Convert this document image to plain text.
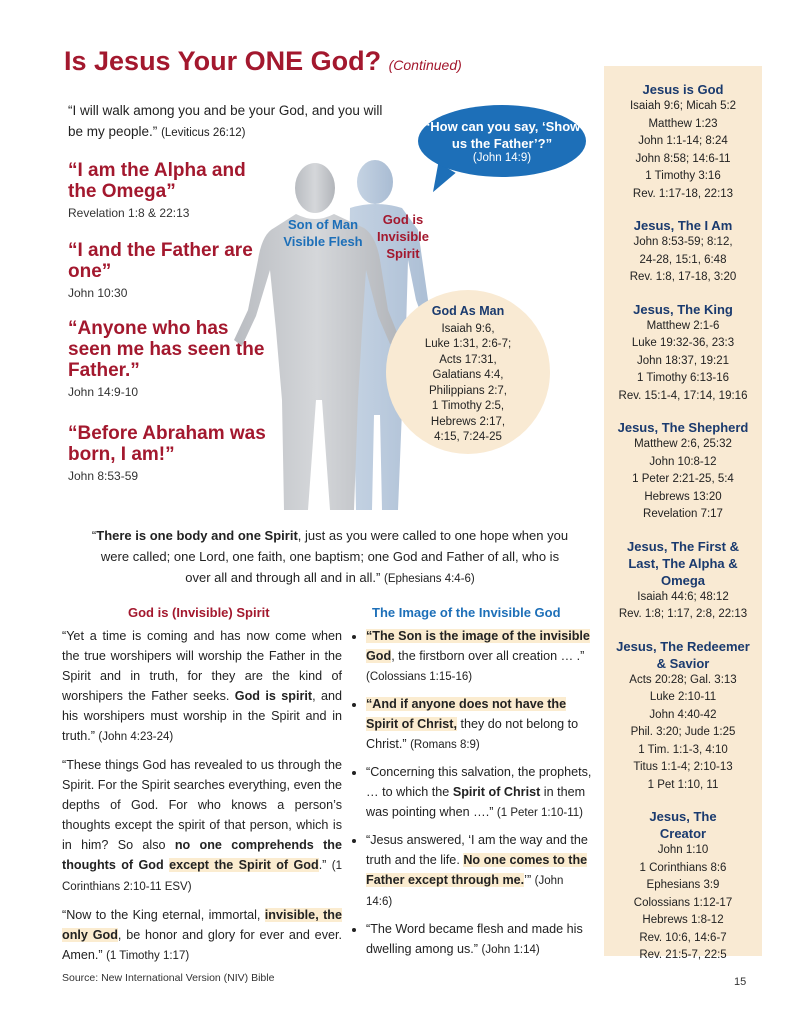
Is Jesus Your ONE God? (Continued)
“I will walk among you and be your God, and you will be my people.” (Leviticus 26:12)
“I am the Alpha and the Omega”
Revelation 1:8 & 22:13
“I and the Father are one”
John 10:30
“Anyone who has seen me has seen the Father.”
John 14:9-10
“Before Abraham was born, I am!”
John 8:53-59
Son of Man Visible Flesh
God is Invisible Spirit
“How can you say, ‘Show us the Father’?”
(John 14:9)
God As Man
Isaiah 9:6,
Luke 1:31, 2:6-7;
Acts 17:31,
Galatians 4:4,
Philippians 2:7,
1 Timothy 2:5,
Hebrews 2:17,
4:15, 7:24-25
Jesus is God
Isaiah 9:6; Micah 5:2
Matthew 1:23
John 1:1-14; 8:24
John 8:58; 14:6-11
1 Timothy 3:16
Rev. 1:17-18, 22:13
Jesus, The I Am
John 8:53-59; 8:12,
24-28, 15:1, 6:48
Rev. 1:8, 17-18, 3:20
Jesus, The King
Matthew 2:1-6
Luke 19:32-36, 23:3
John 18:37, 19:21
1 Timothy 6:13-16
Rev. 15:1-4, 17:14, 19:16
Jesus, The Shepherd
Matthew 2:6, 25:32
John 10:8-12
1 Peter 2:21-25, 5:4
Hebrews 13:20
Revelation 7:17
Jesus, The First & Last, The Alpha & Omega
Isaiah 44:6; 48:12
Rev. 1:8; 1:17, 2:8, 22:13
Jesus, The Redeemer & Savior
Acts 20:28; Gal. 3:13
Luke 2:10-11
John 4:40-42
Phil. 3:20; Jude 1:25
1 Tim. 1:1-3, 4:10
Titus 1:1-4; 2:10-13
1 Pet 1:10, 11
Jesus, The Creator
John 1:10
1 Corinthians 8:6
Ephesians 3:9
Colossians 1:12-17
Hebrews 1:8-12
Rev. 10:6, 14:6-7
Rev. 21:5-7, 22:5
“There is one body and one Spirit, just as you were called to one hope when you were called; one Lord, one faith, one baptism; one God and Father of all, who is over all and through all and in all.” (Ephesians 4:4-6)
God is (Invisible) Spirit	The Image of the Invisible God

“Yet a time is coming and has now come when the true worshipers will worship the Father in the Spirit and in truth, for they are the kind of worshipers the Father seeks. God is spirit, and his worshipers must worship in the Spirit and in truth.” (John 4:23-24)

“These things God has revealed to us through the Spirit. For the Spirit searches everything, even the depths of God. For who knows a person’s thoughts except the spirit of that person, which is in him? So also no one comprehends the thoughts of God except the Spirit of God.” (1 Corinthians 2:10-11 ESV)

“Now to the King eternal, immortal, invisible, the only God, be honor and glory for ever and ever. Amen.” (1 Timothy 1:17)

• “The Son is the image of the invisible God, the firstborn over all creation … .” (Colossians 1:15-16)
• “And if anyone does not have the Spirit of Christ, they do not belong to Christ.” (Romans 8:9)
• “Concerning this salvation, the prophets, … to which the Spirit of Christ in them was pointing when ….” (1 Peter 1:10-11)
• “Jesus answered, ‘I am the way and the truth and the life. No one comes to the Father except through me.’” (John 14:6)
• “The Word became flesh and made his dwelling among us.” (John 1:14)
Source: New International Version (NIV) Bible	15
